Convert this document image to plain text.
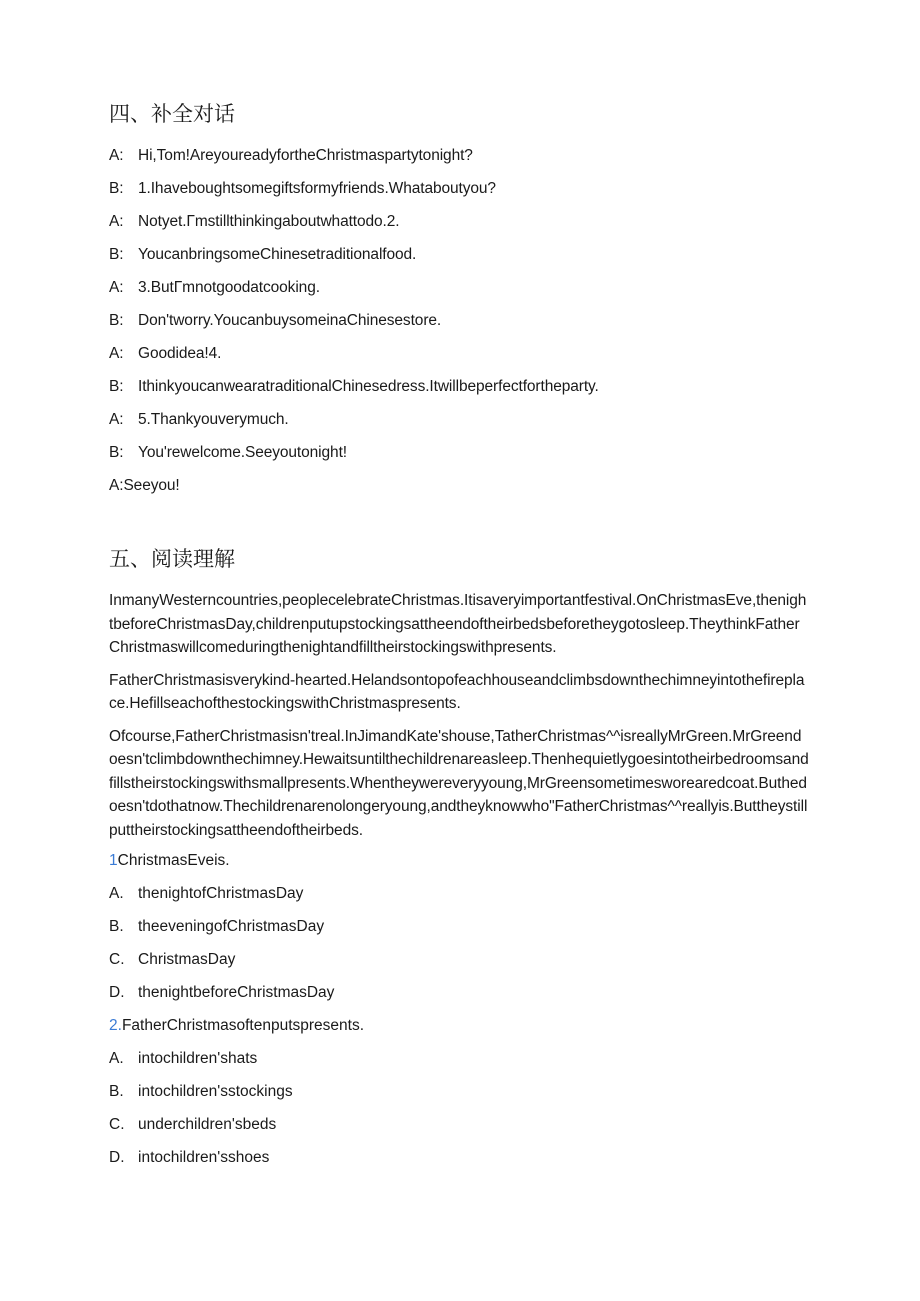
四、补全对话
A: Hi,Tom!AreyoureadyfortheChristmaspartytonight?
B: 1.Ihaveboughtsomegiftsformyfriends.Whataboutyou?
A: Notyet.Γmstillthinkingaboutwhattodo.2.
B: YoucanbringsomeChinesetraditionalfood.
A: 3.ButΓmnotgoodatcooking.
B: Don'tworry.YoucanbuysomeinaChinesestore.
A: Goodidea!4.
B: IthinkyoucanwearatraditionalChinesedress.Itwillbeperfectfortheparty.
A: 5.Thankyouverymuch.
B: You'rewelcome.Seeyoutonight!
A:Seeyou!
五、阅读理解

InmanyWesterncountries,peoplecelebrateChristmas.Itisaveryimportantfestival.OnChristmasEve,thenightbeforeChristmasDay,childrenputupstockingsattheendoftheirbedsbeforetheygotosleep.TheythinkFatherChristmaswillcomeduringthenightandfilltheirstockingswithpresents.

FatherChristmasisverykind-hearted.Helandsontopofeachhouseandclimbsdownthechimneyintothefireplace.HefillseachofthestockingswithChristmaspresents.

Ofcourse,FatherChristmasisn'treal.InJimandKate'shouse,TatherChristmas^^isreallyMrGreen.MrGreendoesn'tclimbdownthechimney.Hewaitsuntilthechildrenareasleep.Thenhequietlygoesintotheirbedroomsandfillstheirstockingswithsmallpresents.Whentheywereveryyoung,MrGreensometimesworearedcoat.Buthedoesn'tdothatnow.Thechildrenarenolongeryoung,andtheyknowwho"FatherChristmas^^reallyis.Buttheystillputtheirstockingsattheendoftheirbeds.

1ChristmasEveis.
A. thenightofChristmasDay
B. theeveningofChristmasDay
C. ChristmasDay
D. thenightbeforeChristmasDay
2.FatherChristmasoftenputspresents.
A. intochildren'shats
B. intochildren'sstockings
C. underchildren'sbeds
D. intochildren'sshoes
